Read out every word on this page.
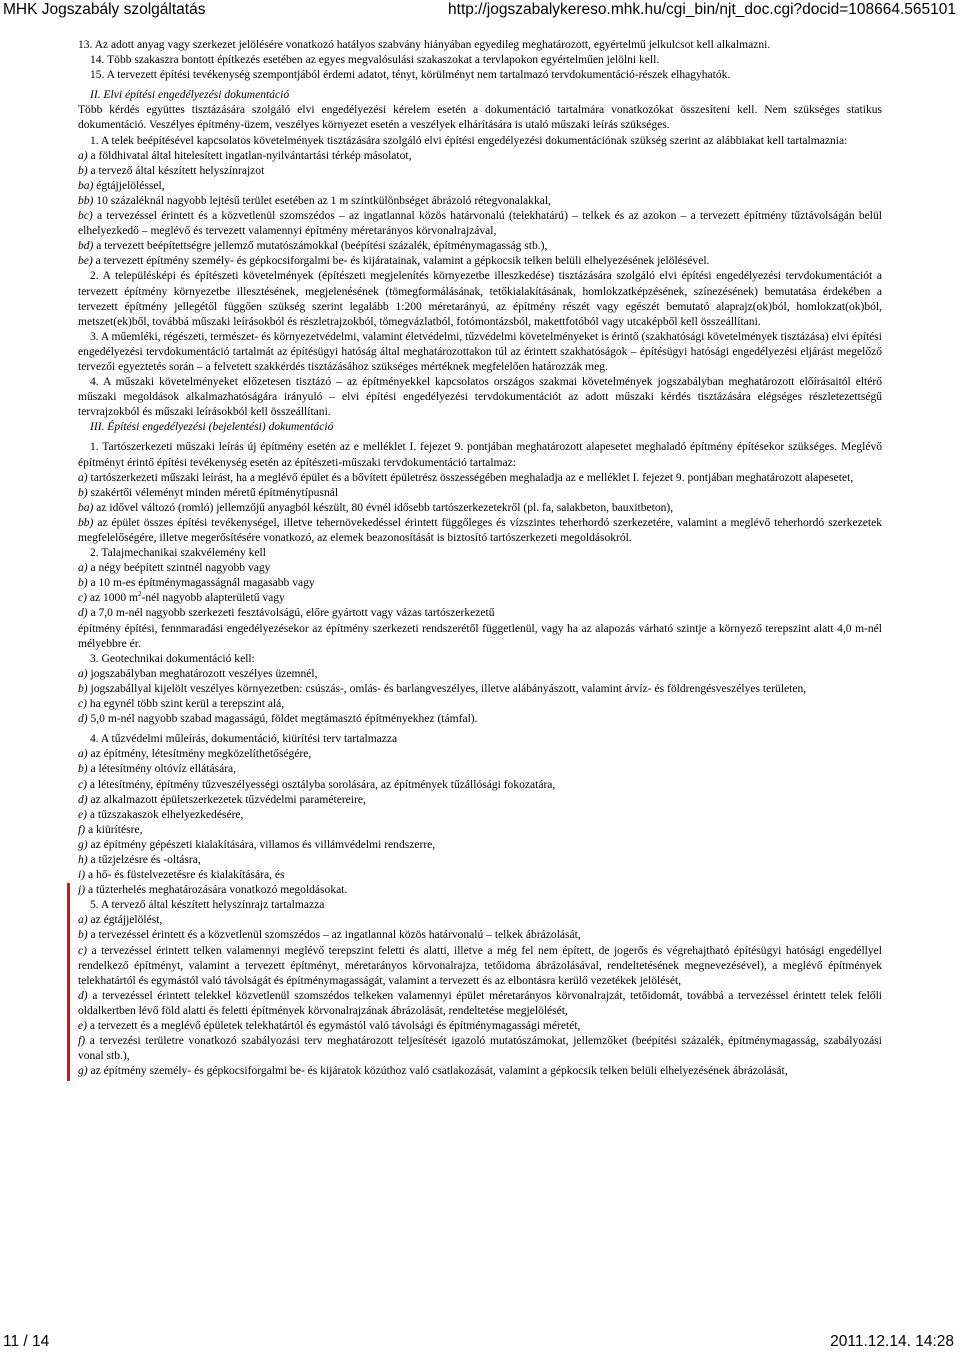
MHK Jogszabály szolgáltatás	http://jogszabalykereso.mhk.hu/cgi_bin/njt_doc.cgi?docid=108664.565101

13. Az adott anyag vagy szerkezet jelölésére vonatkozó hatályos szabvány hiányában egyedileg meghatározott, egyértelmű jelkulcsot kell alkalmazni.

14. Több szakaszra bontott építkezés esetében az egyes megvalósulási szakaszokat a tervlapokon egyértelműen jelölni kell.

15. A tervezett építési tevékenység szempontjából érdemi adatot, tényt, körülményt nem tartalmazó tervdokumentáció-részek elhagyhatók.

II. Elvi építési engedélyezési dokumentáció

Több kérdés együttes tisztázására szolgáló elvi engedélyezési kérelem esetén a dokumentáció tartalmára vonatkozókat összesíteni kell. Nem szükséges statikus dokumentáció. Veszélyes építmény-üzem, veszélyes környezet esetén a veszélyek elhárítására is utaló műszaki leírás szükséges.

1. A telek beépítésével kapcsolatos követelmények tisztázására szolgáló elvi építési engedélyezési dokumentációnak szükség szerint az alábbiakat kell tartalmaznia:

a) a földhivatal által hitelesített ingatlan-nyilvántartási térkép másolatot,

b) a tervező által készített helyszínrajzot

ba) égtájjelöléssel,

bb) 10 százaléknál nagyobb lejtésű terület esetében az 1 m szintkülönbséget ábrázoló rétegvonalakkal,

bc) a tervezéssel érintett és a közvetlenül szomszédos – az ingatlannal közös határvonalú (telekhatárú) – telkek és az azokon – a tervezett építmény tűztávolságán belül elhelyezkedő – meglévő és tervezett valamennyi építmény méretarányos körvonalrajzával,

bd) a tervezett beépítettségre jellemző mutatószámokkal (beépítési százalék, építménymagasság stb.),

be) a tervezett építmény személy- és gépkocsiforgalmi be- és kijáratainak, valamint a gépkocsik telken belüli elhelyezésének jelölésével.

2. A településképi és építészeti követelmények (építészeti megjelenítés környezetbe illeszkedése) tisztázására szolgáló elvi építési engedélyezési tervdokumentációt a tervezett építmény környezetbe illesztésének, megjelenésének (tömegformálásának, tetőkialakításának, homlokzatképzésének, színezésének) bemutatása érdekében a tervezett építmény jellegétől függően szükség szerint legalább 1:200 méretarányú, az építmény részét vagy egészét bemutató alaprajz(ok)ból, homlokzat(ok)ból, metszet(ek)ből, továbbá műszaki leírásokból és részletrajzokból, tömegvázlatból, fotómontázsból, makettfotóból vagy utcaképből kell összeállítani.

3. A műemléki, régészeti, természet- és környezetvédelmi, valamint életvédelmi, tűzvédelmi követelményeket is érintő (szakhatósági követelmények tisztázása) elvi építési engedélyezési tervdokumentáció tartalmát az építésügyi hatóság által meghatározottakon túl az érintett szakhatóságok – építésügyi hatósági engedélyezési eljárást megelőző tervezői egyeztetés során – a felvetett szakkérdés tisztázásához szükséges mértéknek megfelelően határozzák meg.

4. A műszaki követelményeket előzetesen tisztázó – az építményekkel kapcsolatos országos szakmai követelmények jogszabályban meghatározott előírásaitól eltérő műszaki megoldások alkalmazhatóságára irányuló – elvi építési engedélyezési tervdokumentációt az adott műszaki kérdés tisztázására elégséges részletezettségű tervrajzokból és műszaki leírásokból kell összeállítani.

III. Építési engedélyezési (bejelentési) dokumentáció

1. Tartószerkezeti műszaki leírás új építmény esetén az e melléklet I. fejezet 9. pontjában meghatározott alapesetet meghaladó építmény építésekor szükséges. Meglévő építményt érintő építési tevékenység esetén az építészeti-műszaki tervdokumentáció tartalmaz:

a) tartószerkezeti műszaki leírást, ha a meglévő épület és a bővített épületrész összességében meghaladja az e melléklet I. fejezet 9. pontjában meghatározott alapesetet,

b) szakértői véleményt minden méretű építménytípusnál

ba) az idővel változó (romló) jellemzőjű anyagból készült, 80 évnél idősebb tartószerkezetekről (pl. fa, salakbeton, bauxitbeton),

bb) az épület összes építési tevékenységel, illetve tehernövekedéssel érintett függőleges és vízszintes teherhordó szerkezetére, valamint a meglévő teherhordó szerkezetek megfelelőségére, illetve megerősítésére vonatkozó, az elemek beazonosítását is biztosító tartószerkezeti megoldásokról.

2. Talajmechanikai szakvélemény kell

a) a négy beépített szintnél nagyobb vagy

b) a 10 m-es építménymagasságnál magasabb vagy

c) az 1000 $m^2$-nél nagyobb alapterületű vagy

d) a 7,0 m-nél nagyobb szerkezeti fesztávolságú, előre gyártott vagy vázas tartószerkezetű

építmény építési, fennmaradási engedélyezésekor az építmény szerkezeti rendszerétől függetlenül, vagy ha az alapozás várható szintje a környező terepszint alatt 4,0 m-nél mélyebbre ér.

3. Geotechnikai dokumentáció kell:

a) jogszabályban meghatározott veszélyes üzemnél,

b) jogszabállyal kijelölt veszélyes környezetben: csúszás-, omlás- és barlangveszélyes, illetve alábányászott, valamint árvíz- és földrengésveszélyes területen,

c) ha egynél több szint kerül a terepszint alá,

d) 5,0 m-nél nagyobb szabad magasságú, földet megtámasztó építményekhez (támfal).

4. A tűzvédelmi műleírás, dokumentáció, kiürítési terv tartalmazza

a) az építmény, létesítmény megközelíthetőségére,

b) a létesítmény oltóvíz ellátására,

c) a létesítmény, építmény tűzveszélyességi osztályba sorolására, az építmények tűzállósági fokozatára,

d) az alkalmazott épületszerkezetek tűzvédelmi paramétereire,

e) a tűzszakaszok elhelyezkedésére,

f) a kiürítésre,

g) az építmény gépészeti kialakítására, villamos és villámvédelmi rendszerre,

h) a tűzjelzésre és -oltásra,

i) a hő- és füstelvezetésre és kialakítására, és

j) a tűzterhelés meghatározására vonatkozó megoldásokat.

5. A tervező által készített helyszínrajz tartalmazza

a) az égtájjelölést,

b) a tervezéssel érintett és a közvetlenül szomszédos – az ingatlannal közös határvonalú – telkek ábrázolását,

c) a tervezéssel érintett telken valamennyi meglévő terepszint feletti és alatti, illetve a még fel nem épített, de jogerős és végrehajtható építésügyi hatósági engedéllyel rendelkező építményt, valamint a tervezett építményt, méretarányos körvonalrajza, tetőidoma ábrázolásával, rendeltetésének megnevezésével), a meglévő építmények telekhatártól és egymástól való távolságát és építménymagasságát, valamint a tervezett és az elbontásra kerülő vezetékek jelölését,

d) a tervezéssel érintett telekkel közvetlenül szomszédos telkeken valamennyi épület méretarányos körvonalrajzát, tetőidomát, továbbá a tervezéssel érintett telek felőli oldalkertben lévő föld alatti és feletti építmények körvonalrajzának ábrázolását, rendeltetése megjelölését,

e) a tervezett és a meglévő épületek telekhatártól és egymástól való távolsági és építménymagassági méretét,

f) a tervezési területre vonatkozó szabályozási terv meghatározott teljesítését igazoló mutatószámokat, jellemzőket (beépítési százalék, építménymagasság, szabályozási vonal stb.),

g) az építmény személy- és gépkocsiforgalmi be- és kijáratok közúthoz való csatlakozását, valamint a gépkocsik telken belüli elhelyezésének ábrázolását,

11 / 14	2011.12.14. 14:28
